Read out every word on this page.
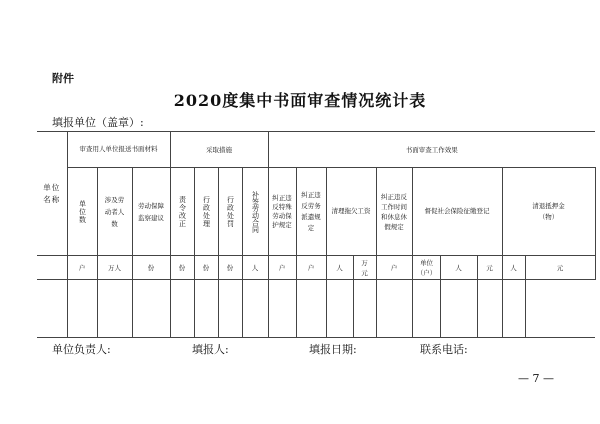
附件
2020度集中书面审查情况统计表
填报单位（盖章）:
单位名称	审查用人单位报送书面材料			采取措施				书面审查工作效果										

	单位数	涉及劳动者人数	劳动保障监察建议	责令改正	行政处理	行政处罚	补签劳动合同	纠正违反特殊劳动保护规定	纠正违反劳务派遣规定	清理拖欠工资		纠正违反工作时间和休息休假规定	督促社会保险征缴登记			清退抵押金（物）

	户	万人	份	份	份	份	人	户	户	人	万元	户	单位（户）	人	元	人	元	

单位负责人:	填报人:	填报日期:	联系电话:
— 7 —
